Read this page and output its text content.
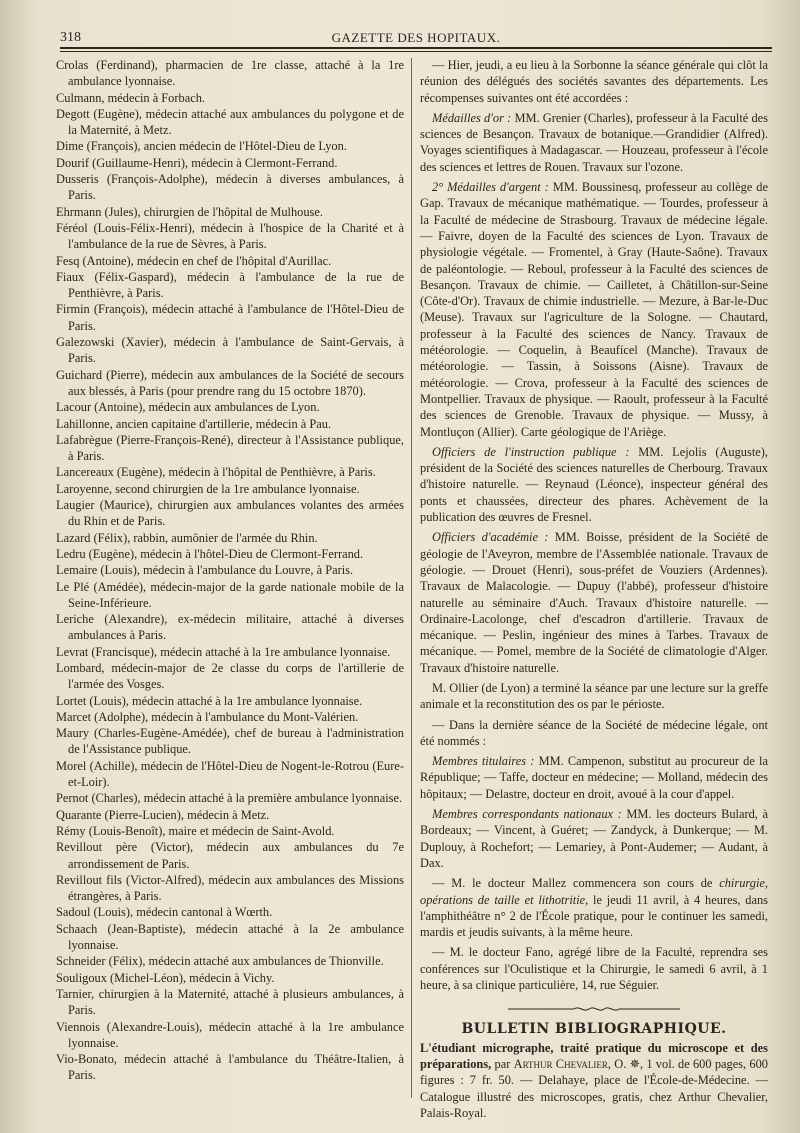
318	GAZETTE DES HOPITAUX.

Crolas (Ferdinand), pharmacien de 1re classe, attaché à la 1re ambulance lyonnaise.

Culmann, médecin à Forbach.

Degott (Eugène), médecin attaché aux ambulances du polygone et de la Maternité, à Metz.

Dime (François), ancien médecin de l'Hôtel-Dieu de Lyon.

Dourif (Guillaume-Henri), médecin à Clermont-Ferrand.

Dusseris (François-Adolphe), médecin à diverses ambulances, à Paris.

Ehrmann (Jules), chirurgien de l'hôpital de Mulhouse.

Féréol (Louis-Félix-Henri), médecin à l'hospice de la Charité et à l'ambulance de la rue de Sèvres, à Paris.

Fesq (Antoine), médecin en chef de l'hôpital d'Aurillac.

Fiaux (Félix-Gaspard), médecin à l'ambulance de la rue de Penthièvre, à Paris.

Firmin (François), médecin attaché à l'ambulance de l'Hôtel-Dieu de Paris.

Galezowski (Xavier), médecin à l'ambulance de Saint-Gervais, à Paris.

Guichard (Pierre), médecin aux ambulances de la Société de secours aux blessés, à Paris (pour prendre rang du 15 octobre 1870).

Lacour (Antoine), médecin aux ambulances de Lyon.

Lahillonne, ancien capitaine d'artillerie, médecin à Pau.

Lafabrègue (Pierre-François-René), directeur à l'Assistance publique, à Paris.

Lancereaux (Eugène), médecin à l'hôpital de Penthièvre, à Paris.

Laroyenne, second chirurgien de la 1re ambulance lyonnaise.

Laugier (Maurice), chirurgien aux ambulances volantes des armées du Rhin et de Paris.

Lazard (Félix), rabbin, aumônier de l'armée du Rhin.

Ledru (Eugène), médecin à l'hôtel-Dieu de Clermont-Ferrand.

Lemaire (Louis), médecin à l'ambulance du Louvre, à Paris.

Le Plé (Amédée), médecin-major de la garde nationale mobile de la Seine-Inférieure.

Leriche (Alexandre), ex-médecin militaire, attaché à diverses ambulances à Paris.

Levrat (Francisque), médecin attaché à la 1re ambulance lyonnaise.

Lombard, médecin-major de 2e classe du corps de l'artillerie de l'armée des Vosges.

Lortet (Louis), médecin attaché à la 1re ambulance lyonnaise.

Marcet (Adolphe), médecin à l'ambulance du Mont-Valérien.

Maury (Charles-Eugène-Amédée), chef de bureau à l'administration de l'Assistance publique.

Morel (Achille), médecin de l'Hôtel-Dieu de Nogent-le-Rotrou (Eure-et-Loir).

Pernot (Charles), médecin attaché à la première ambulance lyonnaise.

Quarante (Pierre-Lucien), médecin à Metz.

Rémy (Louis-Benoît), maire et médecin de Saint-Avold.

Revillout père (Victor), médecin aux ambulances du 7e arrondissement de Paris.

Revillout fils (Victor-Alfred), médecin aux ambulances des Missions étrangères, à Paris.

Sadoul (Louis), médecin cantonal à Wœrth.

Schaach (Jean-Baptiste), médecin attaché à la 2e ambulance lyonnaise.

Schneider (Félix), médecin attaché aux ambulances de Thionville.

Souligoux (Michel-Léon), médecin à Vichy.

Tarnier, chirurgien à la Maternité, attaché à plusieurs ambulances, à Paris.

Viennois (Alexandre-Louis), médecin attaché à la 1re ambulance lyonnaise.

Vio-Bonato, médecin attaché à l'ambulance du Théâtre-Italien, à Paris.

— Hier, jeudi, a eu lieu à la Sorbonne la séance générale qui clôt la réunion des délégués des sociétés savantes des départements. Les récompenses suivantes ont été accordées :

Médailles d'or : MM. Grenier (Charles), professeur à la Faculté des sciences de Besançon. Travaux de botanique.—Grandidier (Alfred). Voyages scientifiques à Madagascar. — Houzeau, professeur à l'école des sciences et lettres de Rouen. Travaux sur l'ozone.

2° Médailles d'argent : MM. Boussinesq, professeur au collège de Gap. Travaux de mécanique mathématique. — Tourdes, professeur à la Faculté de médecine de Strasbourg. Travaux de médecine légale. — Faivre, doyen de la Faculté des sciences de Lyon. Travaux de physiologie végétale. — Fromentel, à Gray (Haute-Saône). Travaux de paléontologie. — Reboul, professeur à la Faculté des sciences de Besançon. Travaux de chimie. — Cailletet, à Châtillon-sur-Seine (Côte-d'Or). Travaux de chimie industrielle. — Mezure, à Bar-le-Duc (Meuse). Travaux sur l'agriculture de la Sologne. — Chautard, professeur à la Faculté des sciences de Nancy. Travaux de météorologie. — Coquelin, à Beaufícel (Manche). Travaux de météorologie. — Tassin, à Soissons (Aisne). Travaux de météorologie. — Crova, professeur à la Faculté des sciences de Montpellier. Travaux de physique. — Raoult, professeur à la Faculté des sciences de Grenoble. Travaux de physique. — Mussy, à Montluçon (Allier). Carte géologique de l'Ariège.

Officiers de l'instruction publique : MM. Lejolis (Auguste), président de la Société des sciences naturelles de Cherbourg. Travaux d'histoire naturelle. — Reynaud (Léonce), inspecteur général des ponts et chaussées, directeur des phares. Achèvement de la publication des œuvres de Fresnel.

Officiers d'académie : MM. Boisse, président de la Société de géologie de l'Aveyron, membre de l'Assemblée nationale. Travaux de géologie. — Drouet (Henri), sous-préfet de Vouziers (Ardennes). Travaux de Malacologie. — Dupuy (l'abbé), professeur d'histoire naturelle au séminaire d'Auch. Travaux d'histoire naturelle. — Ordinaire-Lacolonge, chef d'escadron d'artillerie. Travaux de mécanique. — Peslin, ingénieur des mines à Tarbes. Travaux de mécanique. — Pomel, membre de la Société de climatologie d'Alger. Travaux d'histoire naturelle.

M. Ollier (de Lyon) a terminé la séance par une lecture sur la greffe animale et la reconstitution des os par le périoste.

— Dans la dernière séance de la Société de médecine légale, ont été nommés :

Membres titulaires : MM. Campenon, substitut au procureur de la République; — Taffe, docteur en médecine; — Molland, médecin des hôpitaux; — Delastre, docteur en droit, avoué à la cour d'appel.

Membres correspondants nationaux : MM. les docteurs Bulard, à Bordeaux; — Vincent, à Guéret; — Zandyck, à Dunkerque; — M. Duplouy, à Rochefort; — Lemariey, à Pont-Audemer; — Audant, à Dax.

— M. le docteur Mallez commencera son cours de chirurgie, opérations de taille et lithotritie, le jeudi 11 avril, à 4 heures, dans l'amphithéâtre n° 2 de l'École pratique, pour le continuer les samedi, mardis et jeudis suivants, à la même heure.

— M. le docteur Fano, agrégé libre de la Faculté, reprendra ses conférences sur l'Oculistique et la Chirurgie, le samedi 6 avril, à 1 heure, à sa clinique particulière, 14, rue Séguier.

BULLETIN BIBLIOGRAPHIQUE.

L'étudiant micrographe, traité pratique du microscope et des préparations, par Arthur Chevalier, O. ✵, 1 vol. de 600 pages, 600 figures : 7 fr. 50. — Delahaye, place de l'École-de-Médecine. — Catalogue illustré des microscopes, gratis, chez Arthur Chevalier, Palais-Royal.
